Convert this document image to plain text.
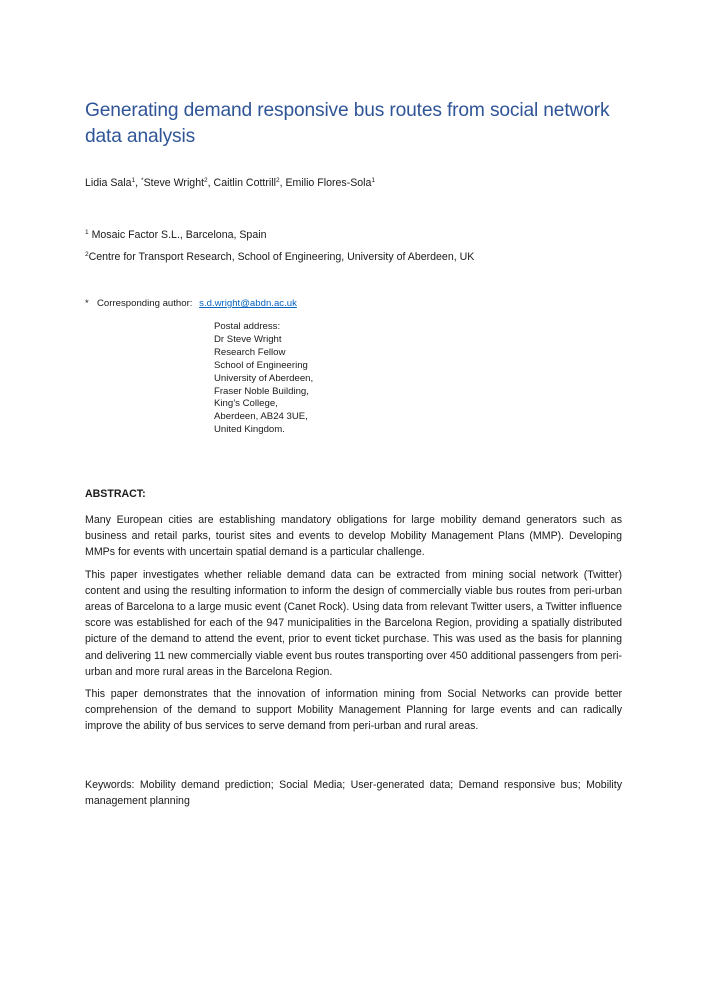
Generating demand responsive bus routes from social network data analysis
Lidia Sala$^1$, *Steve Wright$^2$, Caitlin Cottrill$^2$, Emilio Flores-Sola$^1$
$^1$ Mosaic Factor S.L., Barcelona, Spain
$^2$Centre for Transport Research, School of Engineering, University of Aberdeen, UK
* Corresponding author: s.d.wright@abdn.ac.uk
Postal address:
Dr Steve Wright
Research Fellow
School of Engineering
University of Aberdeen,
Fraser Noble Building,
King’s College,
Aberdeen, AB24 3UE,
United Kingdom.
ABSTRACT:

Many European cities are establishing mandatory obligations for large mobility demand generators such as business and retail parks, tourist sites and events to develop Mobility Management Plans (MMP). Developing MMPs for events with uncertain spatial demand is a particular challenge.

This paper investigates whether reliable demand data can be extracted from mining social network (Twitter) content and using the resulting information to inform the design of commercially viable bus routes from peri-urban areas of Barcelona to a large music event (Canet Rock). Using data from relevant Twitter users, a Twitter influence score was established for each of the 947 municipalities in the Barcelona Region, providing a spatially distributed picture of the demand to attend the event, prior to event ticket purchase. This was used as the basis for planning and delivering 11 new commercially viable event bus routes transporting over 450 additional passengers from peri-urban and more rural areas in the Barcelona Region.

This paper demonstrates that the innovation of information mining from Social Networks can provide better comprehension of the demand to support Mobility Management Planning for large events and can radically improve the ability of bus services to serve demand from peri-urban and rural areas.

Keywords: Mobility demand prediction; Social Media; User-generated data; Demand responsive bus; Mobility management planning
